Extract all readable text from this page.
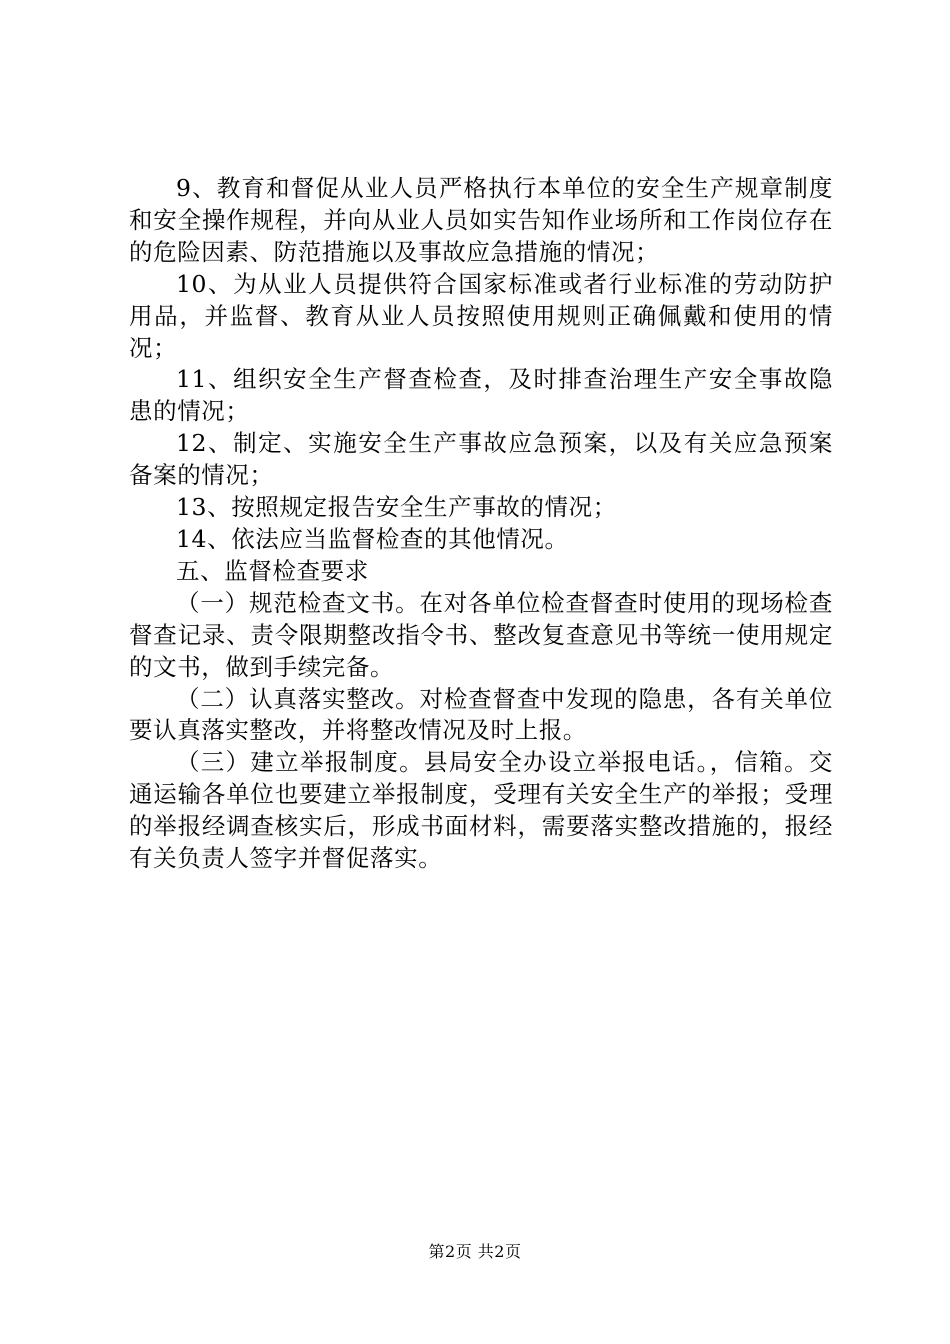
9、教育和督促从业人员严格执行本单位的安全生产规章制度和安全操作规程，并向从业人员如实告知作业场所和工作岗位存在的危险因素、防范措施以及事故应急措施的情况；

10、为从业人员提供符合国家标准或者行业标准的劳动防护用品，并监督、教育从业人员按照使用规则正确佩戴和使用的情况；

11、组织安全生产督查检查，及时排查治理生产安全事故隐患的情况；

12、制定、实施安全生产事故应急预案，以及有关应急预案备案的情况；

13、按照规定报告安全生产事故的情况；

14、依法应当监督检查的其他情况。

五、监督检查要求

（一）规范检查文书。在对各单位检查督查时使用的现场检查督查记录、责令限期整改指令书、整改复查意见书等统一使用规定的文书，做到手续完备。

（二）认真落实整改。对检查督查中发现的隐患，各有关单位要认真落实整改，并将整改情况及时上报。

（三）建立举报制度。县局安全办设立举报电话。，信箱。交通运输各单位也要建立举报制度，受理有关安全生产的举报；受理的举报经调查核实后，形成书面材料，需要落实整改措施的，报经有关负责人签字并督促落实。

第2页 共2页
